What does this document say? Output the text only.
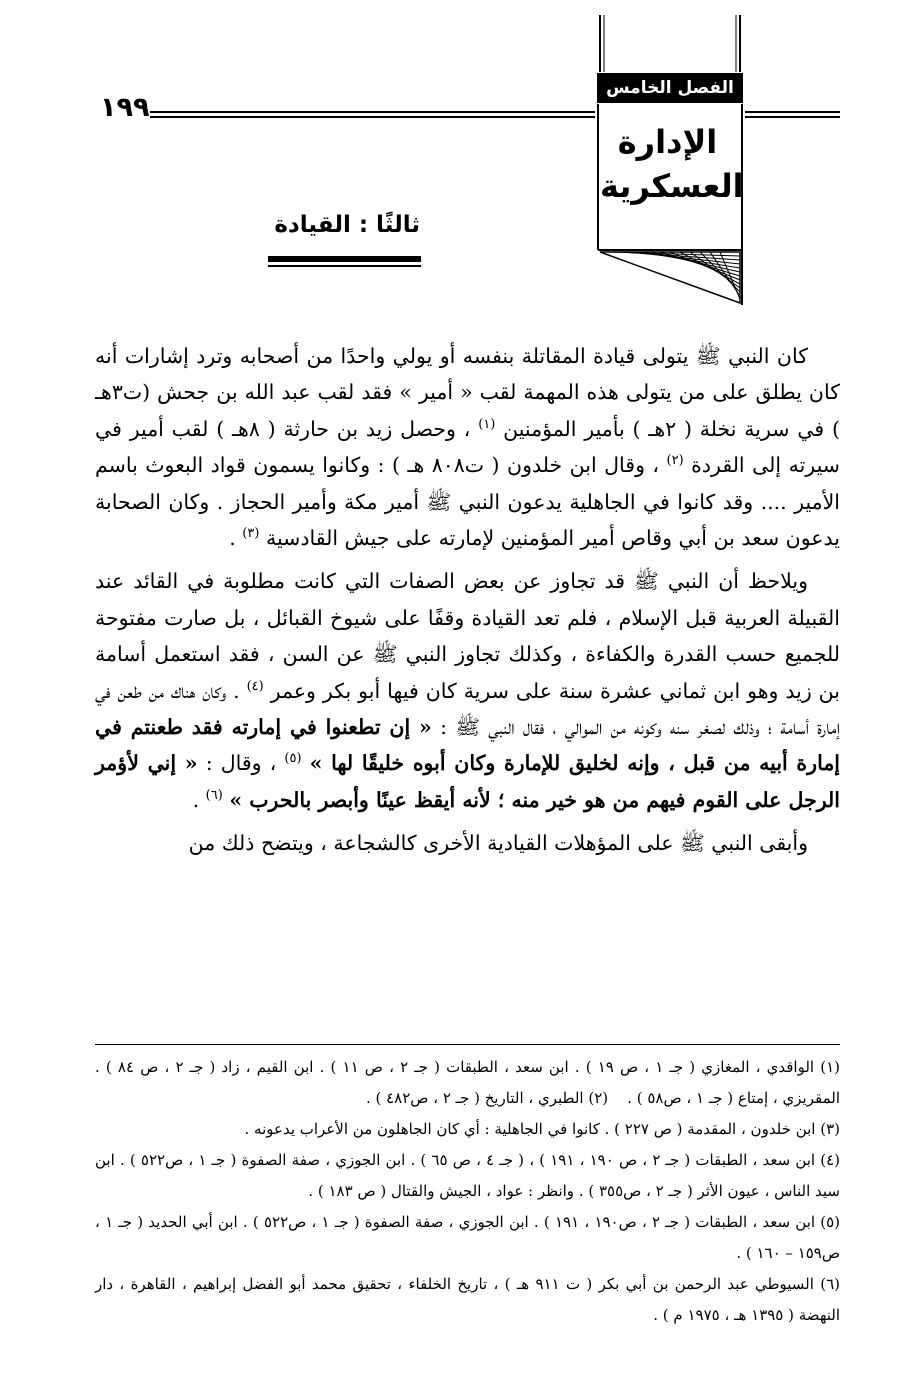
١٩٩
الفصل الخامس
الإدارة
العسكرية
ثالثًا : القيادة

كان النبي ﷺ يتولى قيادة المقاتلة بنفسه أو يولي واحدًا من أصحابه وترد إشارات أنه كان يطلق على من يتولى هذه المهمة لقب « أمير » فقد لقب عبد الله بن جحش (ت٣هـ ) في سرية نخلة ( ٢هـ ) بأمير المؤمنين $^{(١)}$ ، وحصل زيد بن حارثة ( ٨هـ ) لقب أمير في سيرته إلى القردة $^{(٢)}$ ، وقال ابن خلدون ( ت٨٠٨ هـ ) : وكانوا يسمون قواد البعوث باسم الأمير .... وقد كانوا في الجاهلية يدعون النبي ﷺ أمير مكة وأمير الحجاز . وكان الصحابة يدعون سعد بن أبي وقاص أمير المؤمنين لإمارته على جيش القادسية $^{(٣)}$ .

ويلاحظ أن النبي ﷺ قد تجاوز عن بعض الصفات التي كانت مطلوبة في القائد عند القبيلة العربية قبل الإسلام ، فلم تعد القيادة وقفًا على شيوخ القبائل ، بل صارت مفتوحة للجميع حسب القدرة والكفاءة ، وكذلك تجاوز النبي ﷺ عن السن ، فقد استعمل أسامة بن زيد وهو ابن ثماني عشرة سنة على سرية كان فيها أبو بكر وعمر $^{(٤)}$ . وكان هناك من طعن في إمارة أسامة ؛ وذلك لصغر سنه وكونه من الموالي ، فقال النبي ﷺ : « إن تطعنوا في إمارته فقد طعنتم في إمارة أبيه من قبل ، وإنه لخليق للإمارة وكان أبوه خليقًا لها » $^{(٥)}$ ، وقال : « إني لأؤمر الرجل على القوم فيهم من هو خير منه ؛ لأنه أيقظ عينًا وأبصر بالحرب » $^{(٦)}$ .

وأبقى النبي ﷺ على المؤهلات القيادية الأخرى كالشجاعة ، ويتضح ذلك من

(١) الواقدي ، المغازي ( جـ ١ ، ص ١٩ ) . ابن سعد ، الطبقات ( جـ ٢ ، ص ١١ ) . ابن القيم ، زاد ( جـ ٢ ، ص ٨٤ ) . المقريزي ، إمتاع ( جـ ١ ، ص٥٨ ) .    (٢) الطبري ، التاريخ ( جـ ٢ ، ص٤٨٢ ) .

(٣) ابن خلدون ، المقدمة ( ص ٢٢٧ ) . كانوا في الجاهلية : أي كان الجاهلون من الأعراب يدعونه .

(٤) ابن سعد ، الطبقات ( جـ ٢ ، ص ١٩٠ ، ١٩١ ) ، ( جـ ٤ ، ص ٦٥ ) . ابن الجوزي ، صفة الصفوة ( جـ ١ ، ص٥٢٢ ) . ابن سيد الناس ، عيون الأثر ( جـ ٢ ، ص٣٥٥ ) . وانظر : عواد ، الجيش والقتال ( ص ١٨٣ ) .

(٥) ابن سعد ، الطبقات ( جـ ٢ ، ص١٩٠ ، ١٩١ ) . ابن الجوزي ، صفة الصفوة ( جـ ١ ، ص٥٢٢ ) . ابن أبي الحديد ( جـ ١ ، ص١٥٩ – ١٦٠ ) .

(٦) السيوطي عبد الرحمن بن أبي بكر ( ت ٩١١ هـ ) ، تاريخ الخلفاء ، تحقيق محمد أبو الفضل إبراهيم ، القاهرة ، دار النهضة ( ١٣٩٥ هـ ، ١٩٧٥ م ) .
